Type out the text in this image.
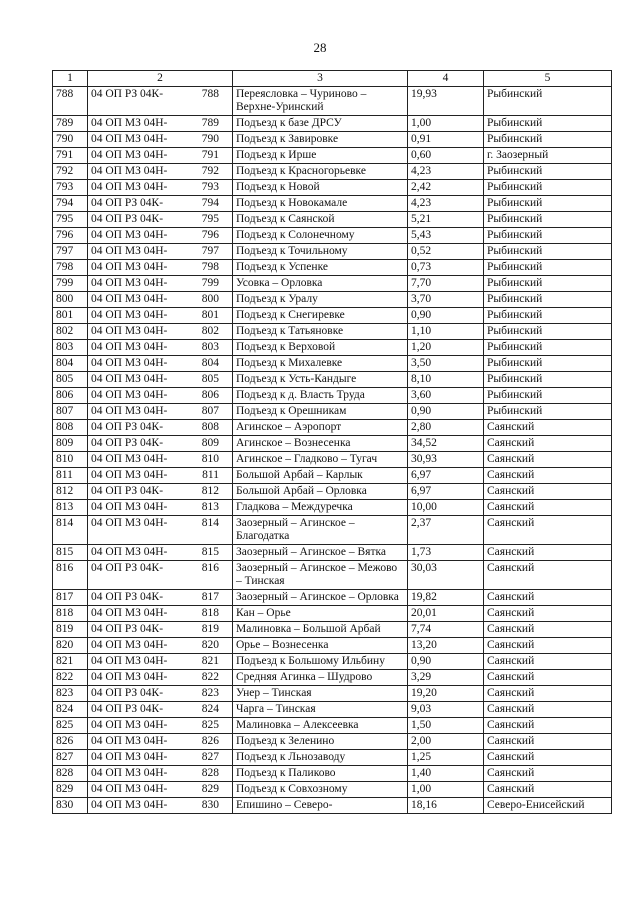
28
1	2	3	4	5
788	04 ОП РЗ 04К- 788	Переясловка – Чуриново – Верхне-Уринский	19,93	Рыбинский
789	04 ОП МЗ 04Н- 789	Подъезд к базе ДРСУ	1,00	Рыбинский
790	04 ОП МЗ 04Н- 790	Подъезд к Завировке	0,91	Рыбинский
791	04 ОП МЗ 04Н- 791	Подъезд к Ирше	0,60	г. Заозерный
792	04 ОП МЗ 04Н- 792	Подъезд к Красногорьевке	4,23	Рыбинский
793	04 ОП МЗ 04Н- 793	Подъезд к Новой	2,42	Рыбинский
794	04 ОП РЗ 04К- 794	Подъезд к Новокамале	4,23	Рыбинский
795	04 ОП РЗ 04К- 795	Подъезд к Саянской	5,21	Рыбинский
796	04 ОП МЗ 04Н- 796	Подъезд к Солонечному	5,43	Рыбинский
797	04 ОП МЗ 04Н- 797	Подъезд к Точильному	0,52	Рыбинский
798	04 ОП МЗ 04Н- 798	Подъезд к Успенке	0,73	Рыбинский
799	04 ОП МЗ 04Н- 799	Усовка – Орловка	7,70	Рыбинский
800	04 ОП МЗ 04Н- 800	Подъезд к Уралу	3,70	Рыбинский
801	04 ОП МЗ 04Н- 801	Подъезд к Снегиревке	0,90	Рыбинский
802	04 ОП МЗ 04Н- 802	Подъезд к Татьяновке	1,10	Рыбинский
803	04 ОП МЗ 04Н- 803	Подъезд к Верховой	1,20	Рыбинский
804	04 ОП МЗ 04Н- 804	Подъезд к Михалевке	3,50	Рыбинский
805	04 ОП МЗ 04Н- 805	Подъезд к Усть-Кандыге	8,10	Рыбинский
806	04 ОП МЗ 04Н- 806	Подъезд к д. Власть Труда	3,60	Рыбинский
807	04 ОП МЗ 04Н- 807	Подъезд к Орешникам	0,90	Рыбинский
808	04 ОП РЗ 04К- 808	Агинское – Аэропорт	2,80	Саянский
809	04 ОП РЗ 04К- 809	Агинское – Вознесенка	34,52	Саянский
810	04 ОП МЗ 04Н- 810	Агинское – Гладково – Тугач	30,93	Саянский
811	04 ОП МЗ 04Н- 811	Большой Арбай – Карлык	6,97	Саянский
812	04 ОП РЗ 04К- 812	Большой Арбай – Орловка	6,97	Саянский
813	04 ОП МЗ 04Н- 813	Гладкова – Междуречка	10,00	Саянский
814	04 ОП МЗ 04Н- 814	Заозерный – Агинское – Благодатка	2,37	Саянский
815	04 ОП МЗ 04Н- 815	Заозерный – Агинское – Вятка	1,73	Саянский
816	04 ОП РЗ 04К- 816	Заозерный – Агинское – Межово – Тинская	30,03	Саянский
817	04 ОП РЗ 04К- 817	Заозерный – Агинское – Орловка	19,82	Саянский
818	04 ОП МЗ 04Н- 818	Кан – Орье	20,01	Саянский
819	04 ОП РЗ 04К- 819	Малиновка – Большой Арбай	7,74	Саянский
820	04 ОП МЗ 04Н- 820	Орье – Вознесенка	13,20	Саянский
821	04 ОП МЗ 04Н- 821	Подъезд к Большому Ильбину	0,90	Саянский
822	04 ОП МЗ 04Н- 822	Средняя Агинка – Шудрово	3,29	Саянский
823	04 ОП РЗ 04К- 823	Унер – Тинская	19,20	Саянский
824	04 ОП РЗ 04К- 824	Чарга – Тинская	9,03	Саянский
825	04 ОП МЗ 04Н- 825	Малиновка – Алексеевка	1,50	Саянский
826	04 ОП МЗ 04Н- 826	Подъезд к Зеленино	2,00	Саянский
827	04 ОП МЗ 04Н- 827	Подъезд к Льнозаводу	1,25	Саянский
828	04 ОП МЗ 04Н- 828	Подъезд к Паликово	1,40	Саянский
829	04 ОП МЗ 04Н- 829	Подъезд к Совхозному	1,00	Саянский
830	04 ОП МЗ 04Н- 830	Епишино – Северо-	18,16	Северо-Енисейский
